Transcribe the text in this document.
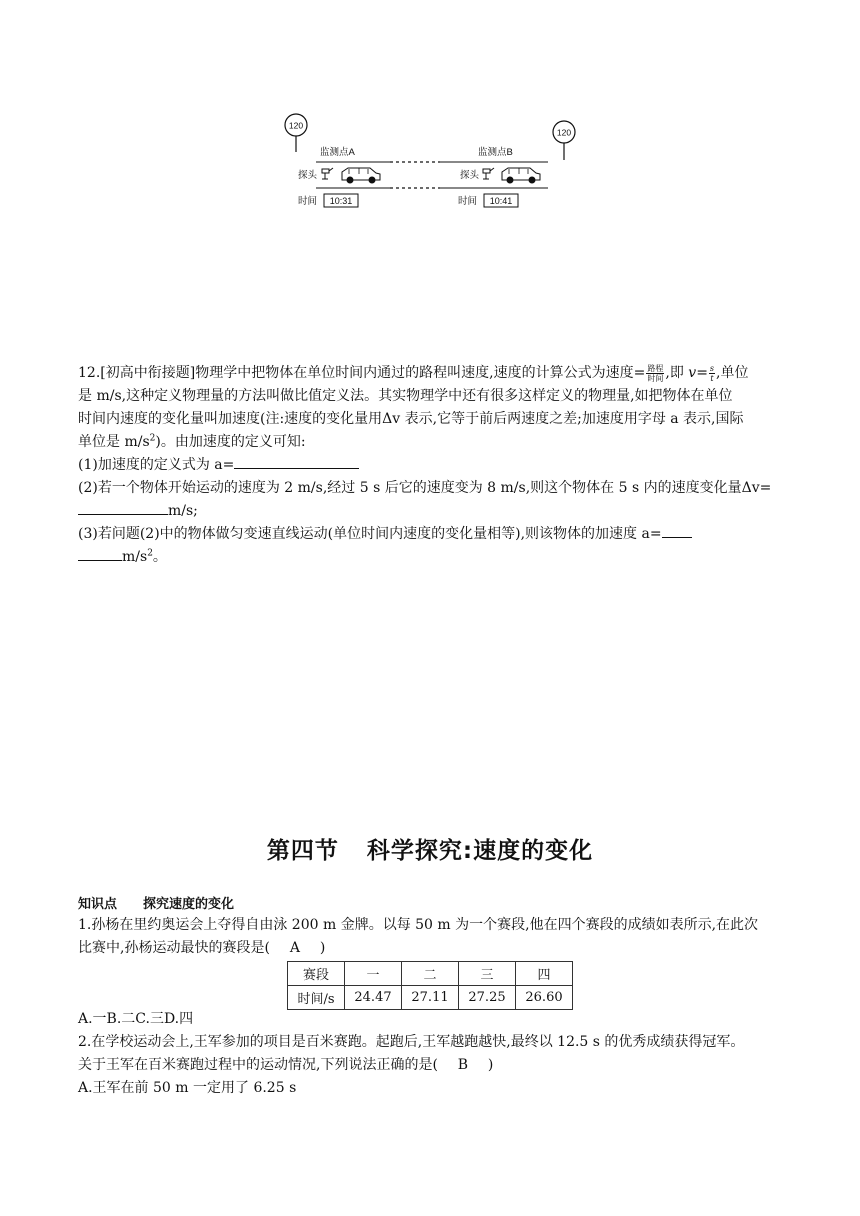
120
120
监测点A	监测点B
探头	探头
时间 10:31	时间 10:41

12.[初高中衔接题]物理学中把物体在单位时间内通过的路程叫速度,速度的计算公式为速度= $\frac{\text{路程}}{\text{时间}}$ ,即 $v= \frac{s}{t}$ ,单位

是 m/s,这种定义物理量的方法叫做比值定义法。其实物理学中还有很多这样定义的物理量,如把物体在单位

时间内速度的变化量叫加速度(注:速度的变化量用Δv 表示,它等于前后两速度之差;加速度用字母 a 表示,国际

单位是 $m/s^2$)。由加速度的定义可知:

(1)加速度的定义式为 a=

(2)若一个物体开始运动的速度为 2 m/s,经过 5 s 后它的速度变为 8 m/s,则这个物体在 5 s 内的速度变化量Δv=

m/s;

(3)若问题(2)中的物体做匀变速直线运动(单位时间内速度的变化量相等),则该物体的加速度 a=

$m/s^2$。

第四节 科学探究:速度的变化
知识点 探究速度的变化

1.孙杨在里约奥运会上夺得自由泳 200 m 金牌。以每 50 m 为一个赛段,他在四个赛段的成绩如表所示,在此次

比赛中,孙杨运动最快的赛段是( A )

赛段	一	二	三	四
时间/s	24.47	27.11	27.25	26.60

A.一B.二C.三D.四

2.在学校运动会上,王军参加的项目是百米赛跑。起跑后,王军越跑越快,最终以 12.5 s 的优秀成绩获得冠军。

关于王军在百米赛跑过程中的运动情况,下列说法正确的是( B )

A.王军在前 50 m 一定用了 6.25 s
